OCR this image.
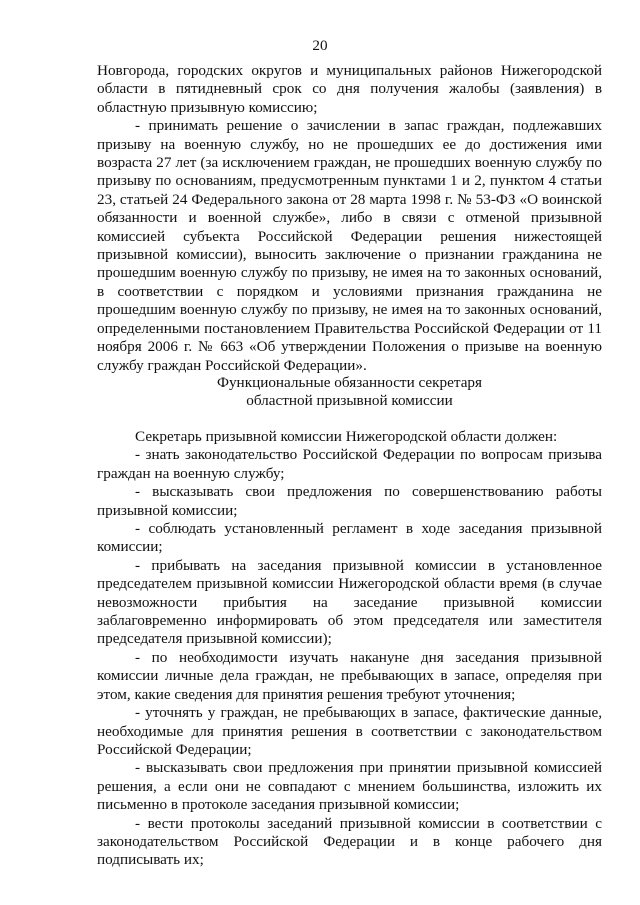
20

Новгорода, городских округов и муниципальных районов Нижегородской области в пятидневный срок со дня получения жалобы (заявления) в областную призывную комиссию;

- принимать решение о зачислении в запас граждан, подлежавших призыву на военную службу, но не прошедших ее до достижения ими возраста 27 лет (за исключением граждан, не прошедших военную службу по призыву по основаниям, предусмотренным пунктами 1 и 2, пунктом 4 статьи 23, статьей 24 Федерального закона от 28 марта 1998 г. № 53-ФЗ «О воинской обязанности и военной службе», либо в связи с отменой призывной комиссией субъекта Российской Федерации решения нижестоящей призывной комиссии), выносить заключение о признании гражданина не прошедшим военную службу по призыву, не имея на то законных оснований, в соответствии с порядком и условиями признания гражданина не прошедшим военную службу по призыву, не имея на то законных оснований, определенными постановлением Правительства Российской Федерации от 11 ноября 2006 г. № 663 «Об утверждении Положения о призыве на военную службу граждан Российской Федерации».

Функциональные обязанности секретаря
областной призывной комиссии

Секретарь призывной комиссии Нижегородской области должен:

- знать законодательство Российской Федерации по вопросам призыва граждан на военную службу;

- высказывать свои предложения по совершенствованию работы призывной комиссии;

- соблюдать установленный регламент в ходе заседания призывной комиссии;

- прибывать на заседания призывной комиссии в установленное председателем призывной комиссии Нижегородской области время (в случае невозможности прибытия на заседание призывной комиссии заблаговременно информировать об этом председателя или заместителя председателя призывной комиссии);

- по необходимости изучать накануне дня заседания призывной комиссии личные дела граждан, не пребывающих в запасе, определяя при этом, какие сведения для принятия решения требуют уточнения;

- уточнять у граждан, не пребывающих в запасе, фактические данные, необходимые для принятия решения в соответствии с законодательством Российской Федерации;

- высказывать свои предложения при принятии призывной комиссией решения, а если они не совпадают с мнением большинства, изложить их письменно в протоколе заседания призывной комиссии;

- вести протоколы заседаний призывной комиссии в соответствии с законодательством Российской Федерации и в конце рабочего дня подписывать их;
